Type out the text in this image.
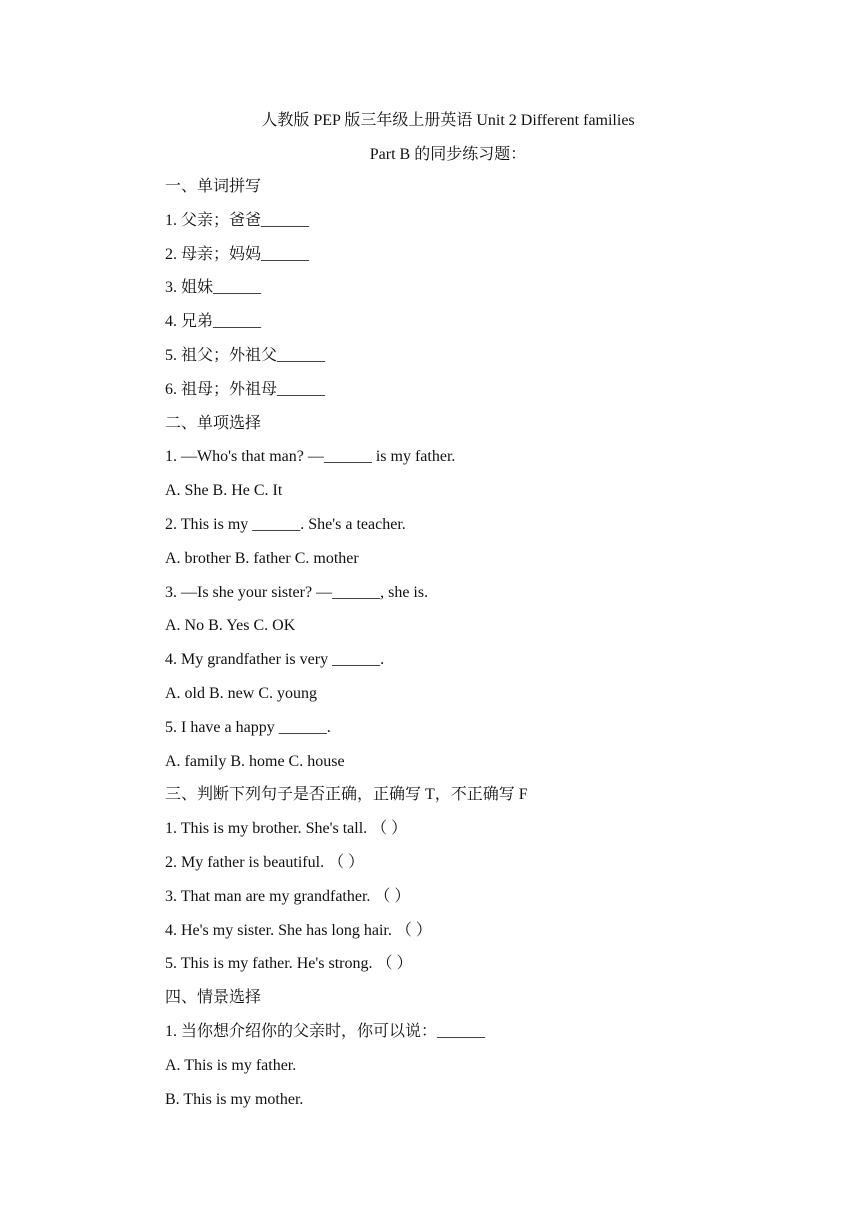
人教版 PEP 版三年级上册英语 Unit 2 Different families
Part B 的同步练习题：
一、单词拼写
1. 父亲；爸爸______
2. 母亲；妈妈______
3. 姐妹______
4. 兄弟______
5. 祖父；外祖父______
6. 祖母；外祖母______
二、单项选择
1. —Who's that man? —______ is my father.
A. She B. He C. It
2. This is my ______. She's a teacher.
A. brother B. father C. mother
3. —Is she your sister? —______, she is.
A. No B. Yes C. OK
4. My grandfather is very ______.
A. old B. new C. young
5. I have a happy ______.
A. family B. home C. house
三、判断下列句子是否正确，正确写 T，不正确写 F
1. This is my brother. She's tall. （ ）
2. My father is beautiful. （ ）
3. That man are my grandfather. （ ）
4. He's my sister. She has long hair. （ ）
5. This is my father. He's strong. （ ）
四、情景选择
1. 当你想介绍你的父亲时，你可以说：______
A. This is my father.
B. This is my mother.
